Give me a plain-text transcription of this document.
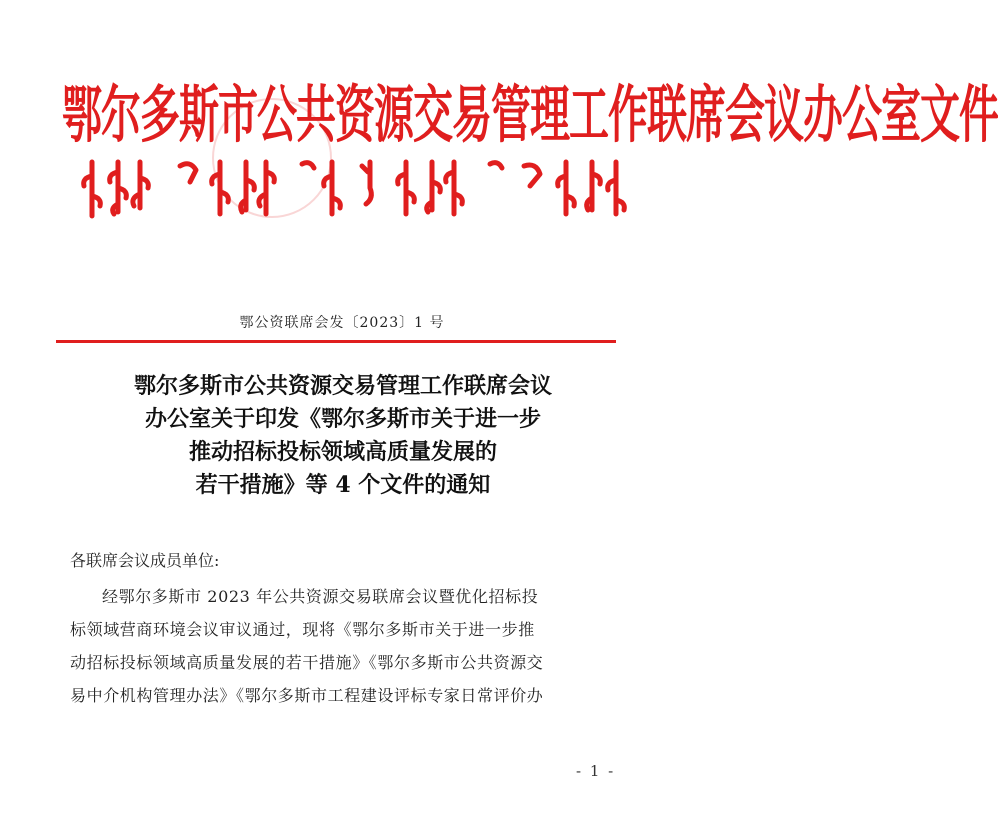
鄂尔多斯市公共资源交易管理工作联席会议办公室文件
鄂公资联席会发〔2023〕1 号
鄂尔多斯市公共资源交易管理工作联席会议
办公室关于印发《鄂尔多斯市关于进一步
推动招标投标领域高质量发展的
若干措施》等 4 个文件的通知
各联席会议成员单位:
经鄂尔多斯市 2023 年公共资源交易联席会议暨优化招标投
标领域营商环境会议审议通过，现将《鄂尔多斯市关于进一步推
动招标投标领域高质量发展的若干措施》《鄂尔多斯市公共资源交
易中介机构管理办法》《鄂尔多斯市工程建设评标专家日常评价办
- 1 -
